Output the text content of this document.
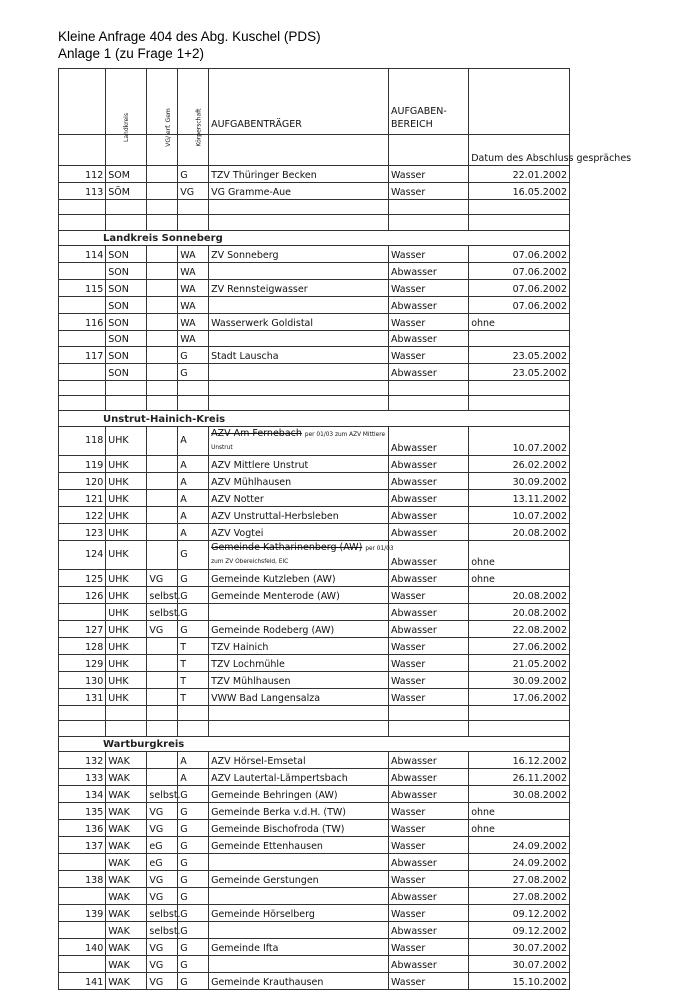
Kleine Anfrage 404 des Abg. Kuschel (PDS)
Anlage 1 (zu Frage 1+2)
	Landkreis	VG/ erf. Gem	Körperschaft	AUFGABENTRÄGER	AUFGABEN-
BEREICH	

						Datum des Abschluss gespräches
112	SOM		G	TZV Thüringer Becken	Wasser	22.01.2002
113	SÖM		VG	VG Gramme-Aue	Wasser	16.05.2002

Landkreis Sonneberg						
114	SON		WA	ZV Sonneberg	Wasser	07.06.2002
	SON		WA		Abwasser	07.06.2002
115	SON		WA	ZV Rennsteigwasser	Wasser	07.06.2002
	SON		WA		Abwasser	07.06.2002
116	SON		WA	Wasserwerk Goldistal	Wasser	ohne
	SON		WA		Abwasser	
117	SON		G	Stadt Lauscha	Wasser	23.05.2002
	SON		G		Abwasser	23.05.2002

Unstrut-Hainich-Kreis						
118	UHK		A	AZV Am Fernebach per 01/03 zum AZV Mittlere
Unstrut	Abwasser	10.07.2002
119	UHK		A	AZV Mittlere Unstrut	Abwasser	26.02.2002
120	UHK		A	AZV Mühlhausen	Abwasser	30.09.2002
121	UHK		A	AZV Notter	Abwasser	13.11.2002
122	UHK		A	AZV Unstruttal-Herbsleben	Abwasser	10.07.2002
123	UHK		A	AZV Vogtei	Abwasser	20.08.2002
124	UHK		G	Gemeinde Katharinenberg (AW) per 01/03
zum ZV Obereichsfeld, EIC	Abwasser	ohne
125	UHK	VG	G	Gemeinde Kutzleben (AW)	Abwasser	ohne
126	UHK	selbst.	G	Gemeinde Menterode (AW)	Wasser	20.08.2002
	UHK	selbst.	G		Abwasser	20.08.2002
127	UHK	VG	G	Gemeinde Rodeberg (AW)	Abwasser	22.08.2002
128	UHK		T	TZV Hainich	Wasser	27.06.2002
129	UHK		T	TZV Lochmühle	Wasser	21.05.2002
130	UHK		T	TZV Mühlhausen	Wasser	30.09.2002
131	UHK		T	VWW Bad Langensalza	Wasser	17.06.2002

Wartburgkreis						
132	WAK		A	AZV Hörsel-Emsetal	Abwasser	16.12.2002
133	WAK		A	AZV Lautertal-Lämpertsbach	Abwasser	26.11.2002
134	WAK	selbst.	G	Gemeinde Behringen (AW)	Abwasser	30.08.2002
135	WAK	VG	G	Gemeinde Berka v.d.H. (TW)	Wasser	ohne
136	WAK	VG	G	Gemeinde Bischofroda (TW)	Wasser	ohne
137	WAK	eG	G	Gemeinde Ettenhausen	Wasser	24.09.2002
	WAK	eG	G		Abwasser	24.09.2002
138	WAK	VG	G	Gemeinde Gerstungen	Wasser	27.08.2002
	WAK	VG	G		Abwasser	27.08.2002
139	WAK	selbst.	G	Gemeinde Hörselberg	Wasser	09.12.2002
	WAK	selbst.	G		Abwasser	09.12.2002
140	WAK	VG	G	Gemeinde Ifta	Wasser	30.07.2002
	WAK	VG	G		Abwasser	30.07.2002
141	WAK	VG	G	Gemeinde Krauthausen	Wasser	15.10.2002
